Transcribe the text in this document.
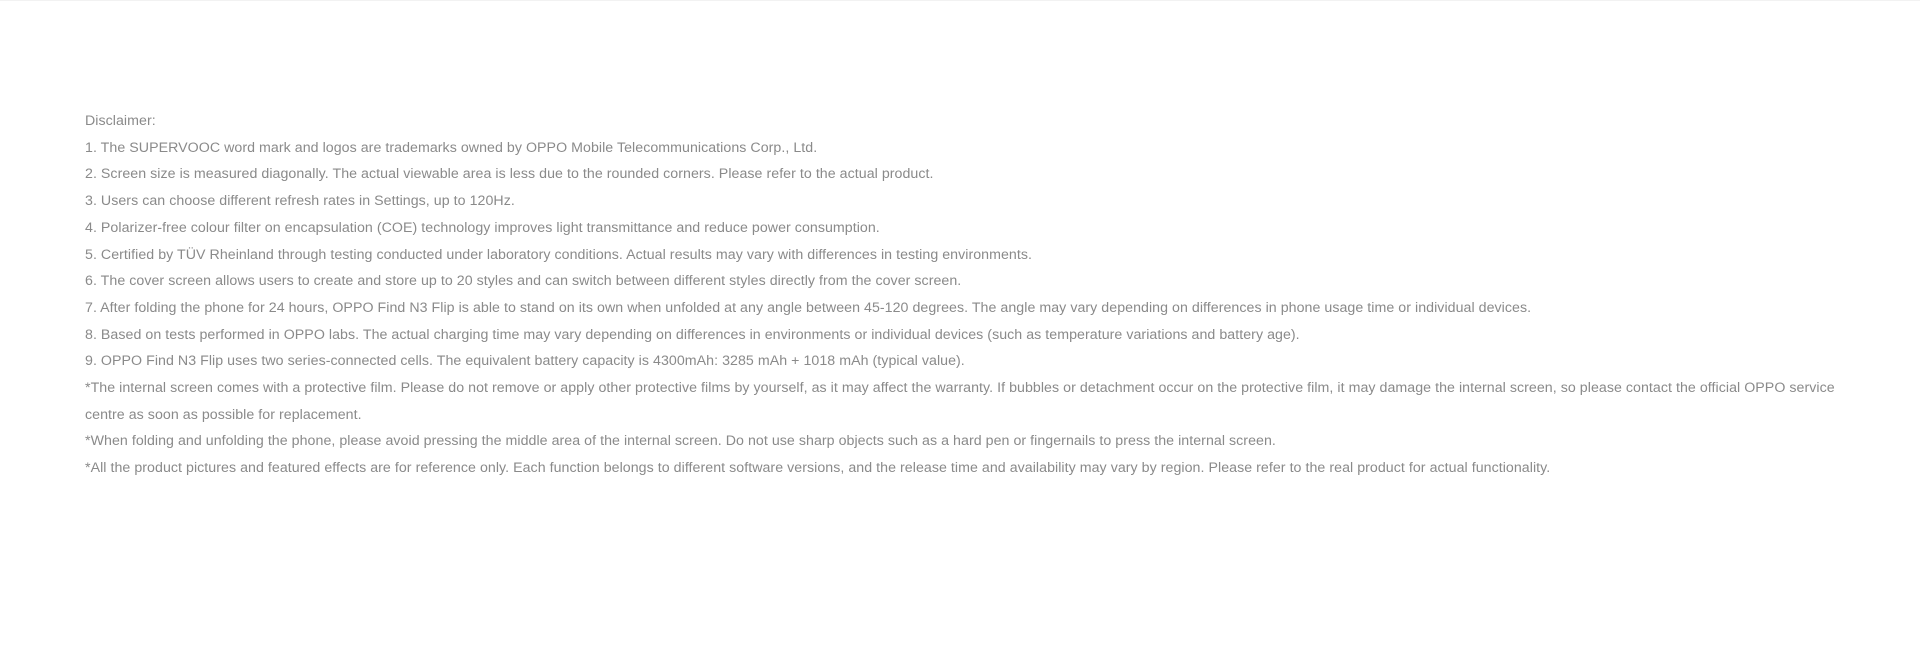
Disclaimer:

1. The SUPERVOOC word mark and logos are trademarks owned by OPPO Mobile Telecommunications Corp., Ltd.

2. Screen size is measured diagonally. The actual viewable area is less due to the rounded corners. Please refer to the actual product.

3. Users can choose different refresh rates in Settings, up to 120Hz.

4. Polarizer-free colour filter on encapsulation (COE) technology improves light transmittance and reduce power consumption.

5. Certified by TÜV Rheinland through testing conducted under laboratory conditions. Actual results may vary with differences in testing environments.

6. The cover screen allows users to create and store up to 20 styles and can switch between different styles directly from the cover screen.

7. After folding the phone for 24 hours, OPPO Find N3 Flip is able to stand on its own when unfolded at any angle between 45-120 degrees. The angle may vary depending on differences in phone usage time or individual devices.

8. Based on tests performed in OPPO labs. The actual charging time may vary depending on differences in environments or individual devices (such as temperature variations and battery age).

9. OPPO Find N3 Flip uses two series-connected cells. The equivalent battery capacity is 4300mAh: 3285 mAh + 1018 mAh (typical value).

*The internal screen comes with a protective film. Please do not remove or apply other protective films by yourself, as it may affect the warranty. If bubbles or detachment occur on the protective film, it may damage the internal screen, so please contact the official OPPO service centre as soon as possible for replacement.

*When folding and unfolding the phone, please avoid pressing the middle area of the internal screen. Do not use sharp objects such as a hard pen or fingernails to press the internal screen.

*All the product pictures and featured effects are for reference only. Each function belongs to different software versions, and the release time and availability may vary by region. Please refer to the real product for actual functionality.
